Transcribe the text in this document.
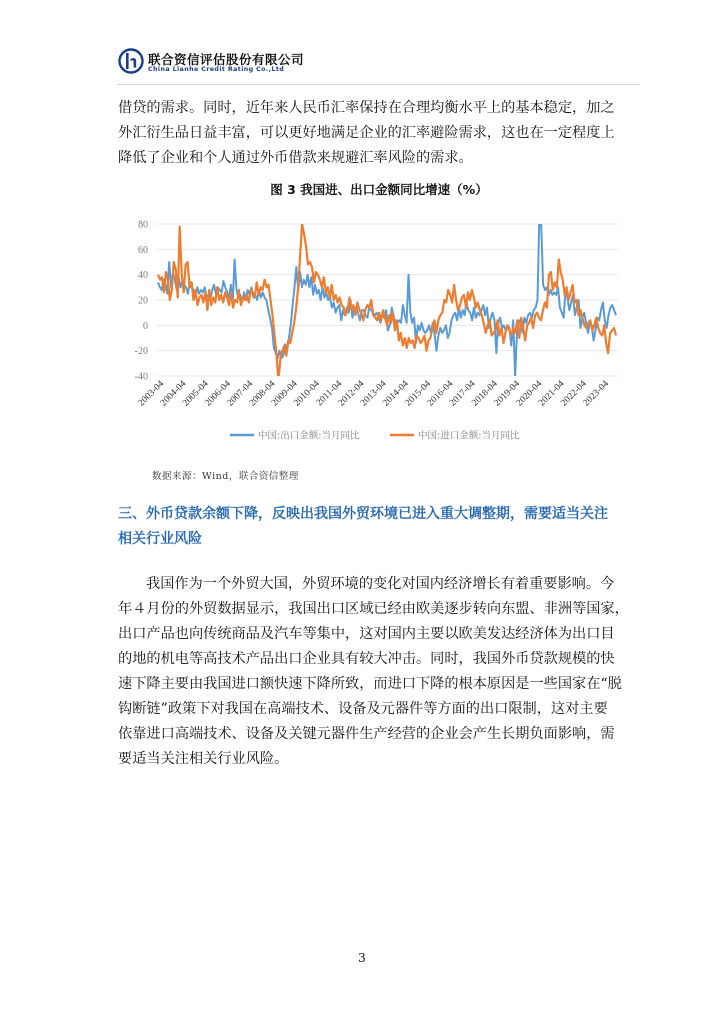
联合资信评估股份有限公司
China Lianhe Credit Rating Co.,Ltd
借贷的需求。同时，近年来人民币汇率保持在合理均衡水平上的基本稳定，加之
外汇衍生品日益丰富，可以更好地满足企业的汇率避险需求，这也在一定程度上
降低了企业和个人通过外币借款来规避汇率风险的需求。
图 3 我国进、出口金额同比增速（%）
80
60
40
20
0
-20
-40
2003-04
2004-04
2005-04
2006-04
2007-04
2008-04
2009-04
2010-04
2011-04
2012-04
2013-04
2014-04
2015-04
2016-04
2017-04
2018-04
2019-04
2020-04
2021-04
2022-04
2023-04
中国:出口金额:当月同比	中国:进口金额:当月同比
数据来源：Wind，联合资信整理
三、外币贷款余额下降，反映出我国外贸环境已进入重大调整期，需要适当关注
相关行业风险
我国作为一个外贸大国，外贸环境的变化对国内经济增长有着重要影响。今
年４月份的外贸数据显示，我国出口区域已经由欧美逐步转向东盟、非洲等国家，
出口产品也向传统商品及汽车等集中，这对国内主要以欧美发达经济体为出口目
的地的机电等高技术产品出口企业具有较大冲击。同时，我国外币贷款规模的快
速下降主要由我国进口额快速下降所致，而进口下降的根本原因是一些国家在“脱
钩断链”政策下对我国在高端技术、设备及元器件等方面的出口限制，这对主要
依靠进口高端技术、设备及关键元器件生产经营的企业会产生长期负面影响，需
要适当关注相关行业风险。
3
